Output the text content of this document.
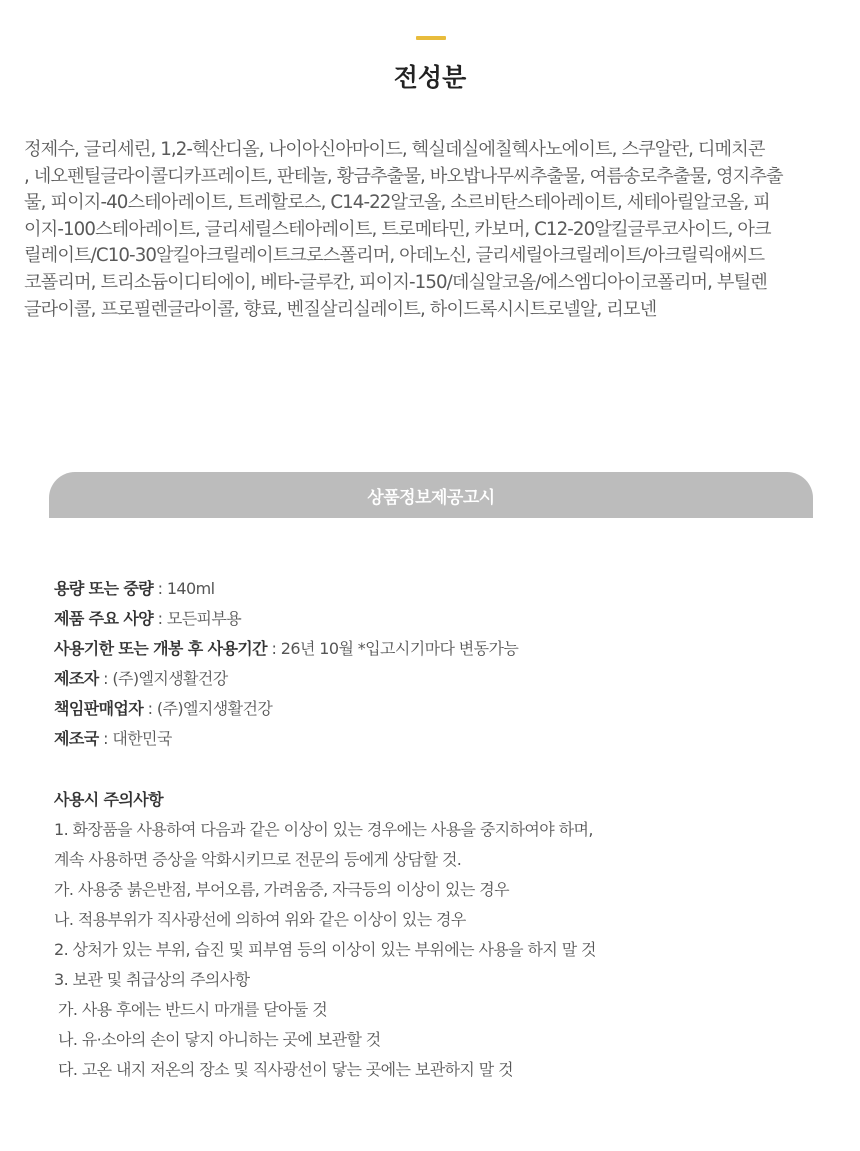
전성분
정제수, 글리세린, 1,2-헥산디올, 나이아신아마이드, 헥실데실에칠헥사노에이트, 스쿠알란, 디메치콘
, 네오펜틸글라이콜디카프레이트, 판테놀, 황금추출물, 바오밥나무씨추출물, 여름송로추출물, 영지추출
물, 피이지-40스테아레이트, 트레할로스, C14-22알코올, 소르비탄스테아레이트, 세테아릴알코올, 피
이지-100스테아레이트, 글리세릴스테아레이트, 트로메타민, 카보머, C12-20알킬글루코사이드, 아크
릴레이트/C10-30알킬아크릴레이트크로스폴리머, 아데노신, 글리세릴아크릴레이트/아크릴릭애씨드
코폴리머, 트리소듐이디티에이, 베타-글루칸, 피이지-150/데실알코올/에스엠디아이코폴리머, 부틸렌
글라이콜, 프로필렌글라이콜, 향료, 벤질살리실레이트, 하이드록시시트로넬알, 리모넨
상품정보제공고시
용량 또는 중량 : 140ml
제품 주요 사양 : 모든피부용
사용기한 또는 개봉 후 사용기간 : 26년 10월 *입고시기마다 변동가능
제조자 : (주)엘지생활건강
책임판매업자 : (주)엘지생활건강
제조국 : 대한민국
사용시 주의사항
1. 화장품을 사용하여 다음과 같은 이상이 있는 경우에는 사용을 중지하여야 하며,
계속 사용하면 증상을 악화시키므로 전문의 등에게 상담할 것.
가. 사용중 붉은반점, 부어오름, 가려움증, 자극등의 이상이 있는 경우
나. 적용부위가 직사광선에 의하여 위와 같은 이상이 있는 경우
2. 상처가 있는 부위, 습진 및 피부염 등의 이상이 있는 부위에는 사용을 하지 말 것
3. 보관 및 취급상의 주의사항
가. 사용 후에는 반드시 마개를 닫아둘 것
나. 유·소아의 손이 닿지 아니하는 곳에 보관할 것
다. 고온 내지 저온의 장소 및 직사광선이 닿는 곳에는 보관하지 말 것
